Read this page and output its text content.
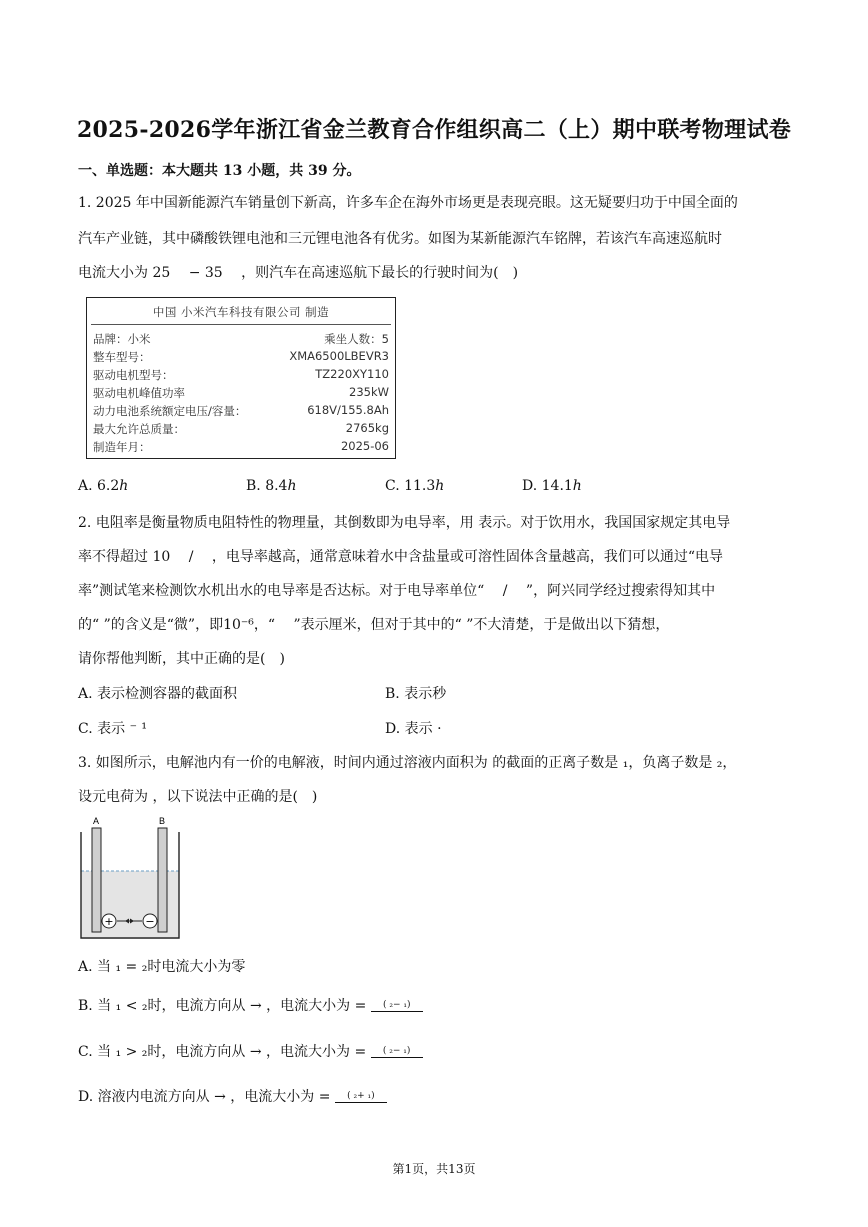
2025-2026学年浙江省金兰教育合作组织高二（上）期中联考物理试卷
一、单选题：本大题共 13 小题，共 39 分。
1. 2025 年中国新能源汽车销量创下新高，许多车企在海外市场更是表现亮眼。这无疑要归功于中国全面的
汽车产业链，其中磷酸铁锂电池和三元锂电池各有优劣。如图为某新能源汽车铭牌，若该汽车高速巡航时
电流大小为 25 　− 35 　，则汽车在高速巡航下最长的行驶时间为(　)
中国 小米汽车科技有限公司 制造
品牌：小米	乘坐人数：5
整车型号：	XMA6500LBEVR3
驱动电机型号：	TZ220XY110
驱动电机峰值功率	235kW
动力电池系统额定电压/容量：	618V/155.8Ah
最大允许总质量：	2765kg
制造年月：	2025-06
A. 6.2ℎ	B. 8.4ℎ	C. 11.3ℎ	D. 14.1ℎ
2. 电阻率是衡量物质电阻特性的物理量，其倒数即为电导率，用 表示。对于饮用水，我国国家规定其电导
率不得超过 10 　/ 　，电导率越高，通常意味着水中含盐量或可溶性固体含量越高，我们可以通过“电导
率”测试笔来检测饮水机出水的电导率是否达标。对于电导率单位“ 　/ 　”，阿兴同学经过搜索得知其中
的“ ”的含义是“微”，即10⁻⁶，“ 　”表示厘米，但对于其中的“ ”不大清楚，于是做出以下猜想，
请你帮他判断，其中正确的是(　)
A. 表示检测容器的截面积	B. 表示秒
C. 表示 ⁻ ¹	D. 表示 ·
3. 如图所示，电解池内有一价的电解液，时间内通过溶液内面积为 的截面的正离子数是 ₁，负离子数是 ₂，
设元电荷为 ，以下说法中正确的是(　)
A	B
+	−
A. 当 ₁ = ₂时电流大小为零
B. 当 ₁ < ₂时，电流方向从 → ，电流大小为 =	( ₂− ₁)
C. 当 ₁ > ₂时，电流方向从 → ，电流大小为 =	( ₂− ₁)
D. 溶液内电流方向从 → ，电流大小为 =	( ₂+ ₁)
第1页，共13页
